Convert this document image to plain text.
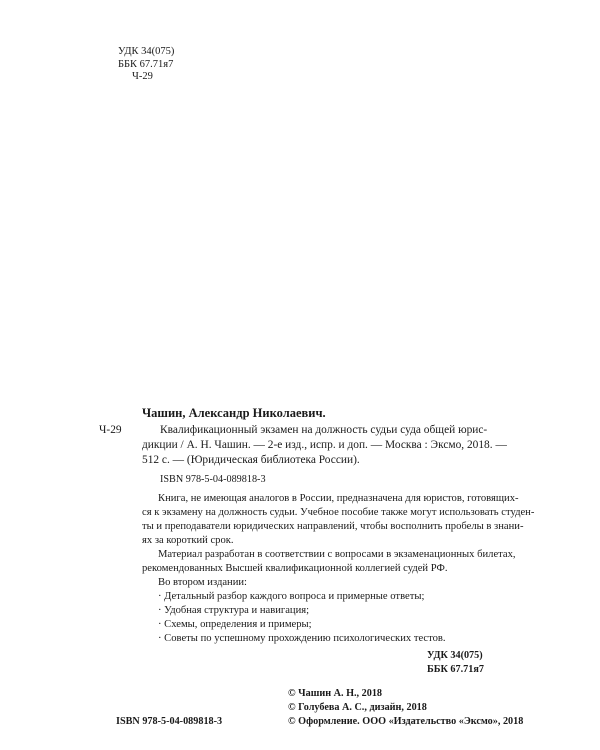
УДК 34(075)
ББК 67.71я7
Ч-29
Чашин, Александр Николаевич.
Ч-29	Квалификационный экзамен на должность судьи суда общей юрис-
дикции / А. Н. Чашин. — 2-е изд., испр. и доп. — Москва : Эксмо, 2018. —
512 с. — (Юридическая библиотека России).
ISBN 978-5-04-089818-3
Книга, не имеющая аналогов в России, предназначена для юристов, готовящих-
ся к экзамену на должность судьи. Учебное пособие также могут использовать студен-
ты и преподаватели юридических направлений, чтобы восполнить пробелы в знани-
ях за короткий срок.
Материал разработан в соответствии с вопросами в экзаменационных билетах,
рекомендованных Высшей квалификационной коллегией судей РФ.
Во втором издании:
· Детальный разбор каждого вопроса и примерные ответы;
· Удобная структура и навигация;
· Схемы, определения и примеры;
· Советы по успешному прохождению психологических тестов.
УДК 34(075)
ББК 67.71я7
© Чашин А. Н., 2018
© Голубева А. С., дизайн, 2018
© Оформление. ООО «Издательство «Эксмо», 2018
ISBN 978-5-04-089818-3
